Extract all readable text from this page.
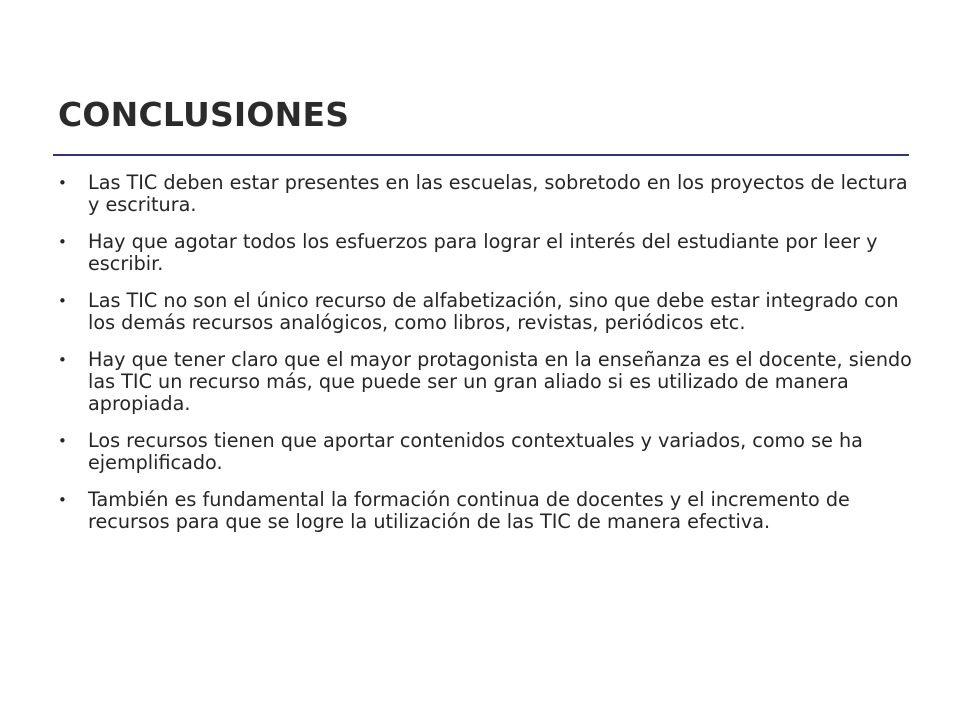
CONCLUSIONES
• Las TIC deben estar presentes en las escuelas, sobretodo en los proyectos de lectura y escritura.
• Hay que agotar todos los esfuerzos para lograr el interés del estudiante por leer y escribir.
• Las TIC no son el único recurso de alfabetización, sino que debe estar integrado con los demás recursos analógicos, como libros, revistas, periódicos etc.
• Hay que tener claro que el mayor protagonista en la enseñanza es el docente, siendo las TIC un recurso más, que puede ser un gran aliado si es utilizado de manera apropiada.
• Los recursos tienen que aportar contenidos contextuales y variados, como se ha ejemplificado.
• También es fundamental la formación continua de docentes y el incremento de recursos para que se logre la utilización de las TIC de manera efectiva.
